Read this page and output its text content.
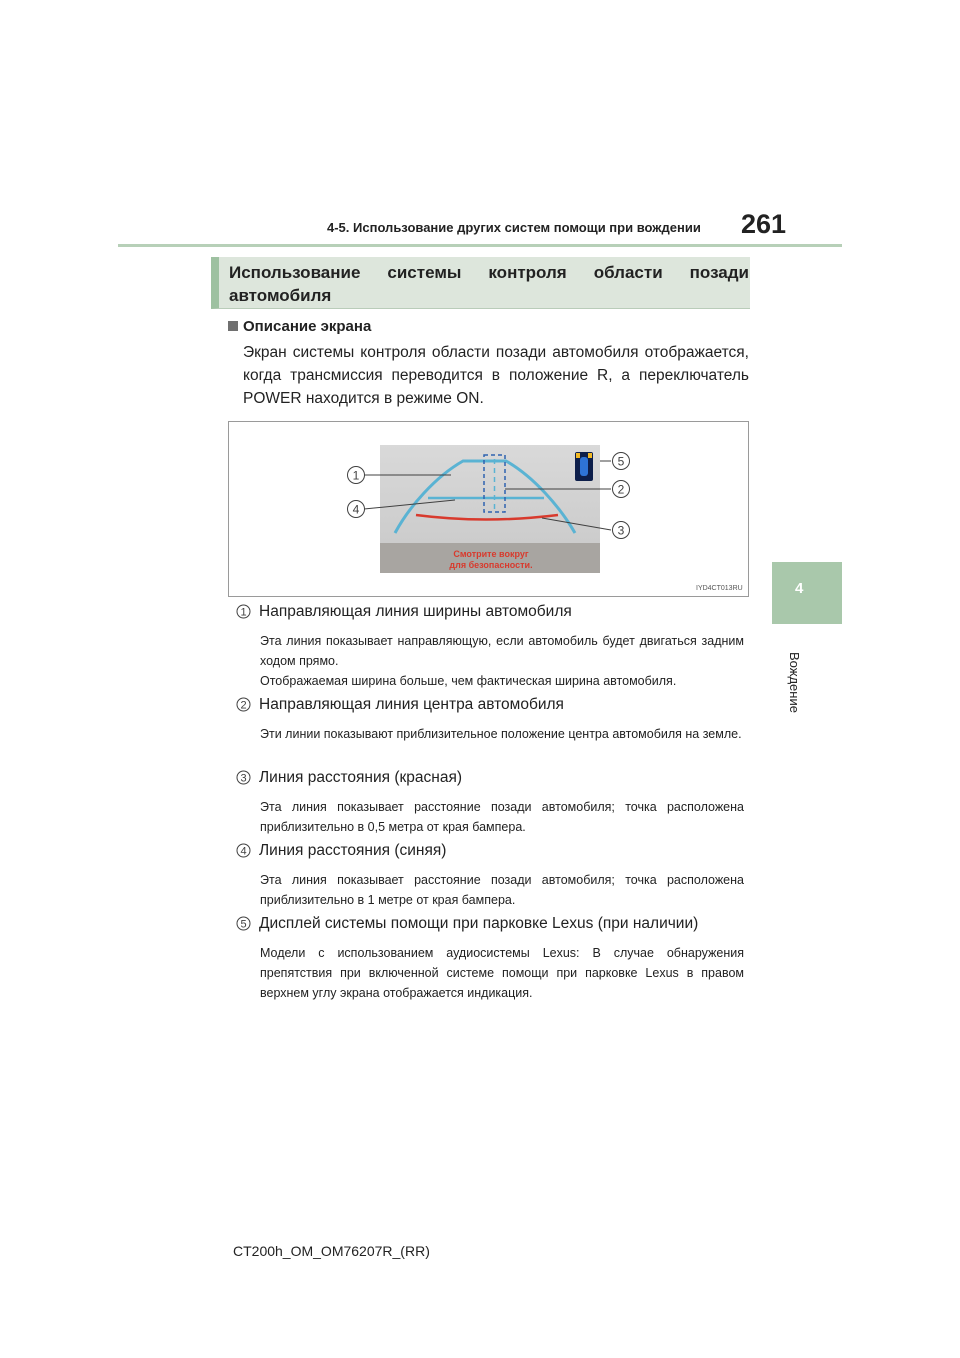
4-5. Использование других систем помощи при вождении 261
4
Вождение
Использование системы контроля области позади автомобиля
Описание экрана
Экран системы контроля области позади автомобиля отображается, когда трансмиссия переводится в положение R, а переключатель POWER находится в режиме ON.
Смотрите вокруг
для безопасности.
1
4
5
2
3
IYD4CT013RU
1 Направляющая линия ширины автомобиля
Эта линия показывает направляющую, если автомобиль будет двигаться задним ходом прямо.
Отображаемая ширина больше, чем фактическая ширина автомобиля.
2 Направляющая линия центра автомобиля
Эти линии показывают приблизительное положение центра автомобиля на земле.
3 Линия расстояния (красная)
Эта линия показывает расстояние позади автомобиля; точка расположена приблизительно в 0,5 метра от края бампера.
4 Линия расстояния (синяя)
Эта линия показывает расстояние позади автомобиля; точка расположена приблизительно в 1 метре от края бампера.
5 Дисплей системы помощи при парковке Lexus (при наличии)
Модели с использованием аудиосистемы Lexus: В случае обнаружения препятствия при включенной системе помощи при парковке Lexus в правом верхнем углу экрана отображается индикация.
CT200h_OM_OM76207R_(RR)
